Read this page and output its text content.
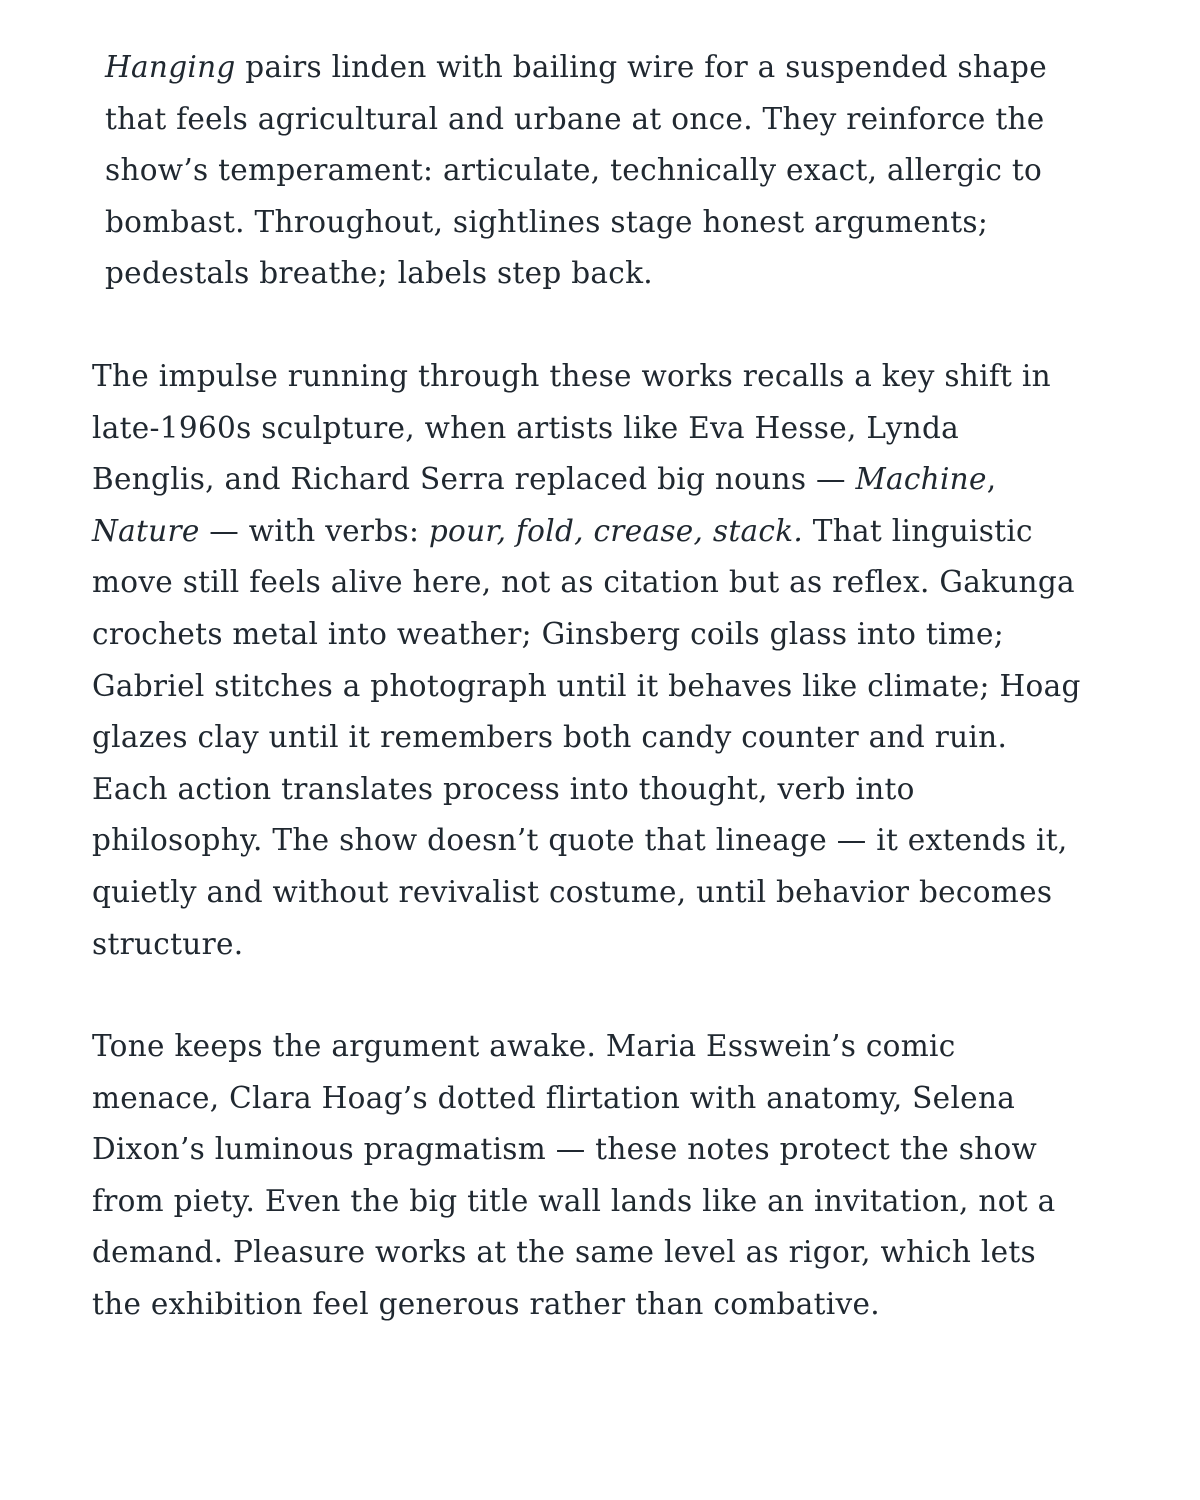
Hanging pairs linden with bailing wire for a suspended shape that feels agricultural and urbane at once. They reinforce the show’s temperament: articulate, technically exact, allergic to bombast. Throughout, sightlines stage honest arguments; pedestals breathe; labels step back.

The impulse running through these works recalls a key shift in late-1960s sculpture, when artists like Eva Hesse, Lynda Benglis, and Richard Serra replaced big nouns — Machine, Nature — with verbs: pour, fold, crease, stack. That linguistic move still feels alive here, not as citation but as reflex. Gakunga crochets metal into weather; Ginsberg coils glass into time; Gabriel stitches a photograph until it behaves like climate; Hoag glazes clay until it remembers both candy counter and ruin. Each action translates process into thought, verb into philosophy. The show doesn’t quote that lineage — it extends it, quietly and without revivalist costume, until behavior becomes structure.

Tone keeps the argument awake. Maria Esswein’s comic menace, Clara Hoag’s dotted flirtation with anatomy, Selena Dixon’s luminous pragmatism — these notes protect the show from piety. Even the big title wall lands like an invitation, not a demand. Pleasure works at the same level as rigor, which lets the exhibition feel generous rather than combative.
